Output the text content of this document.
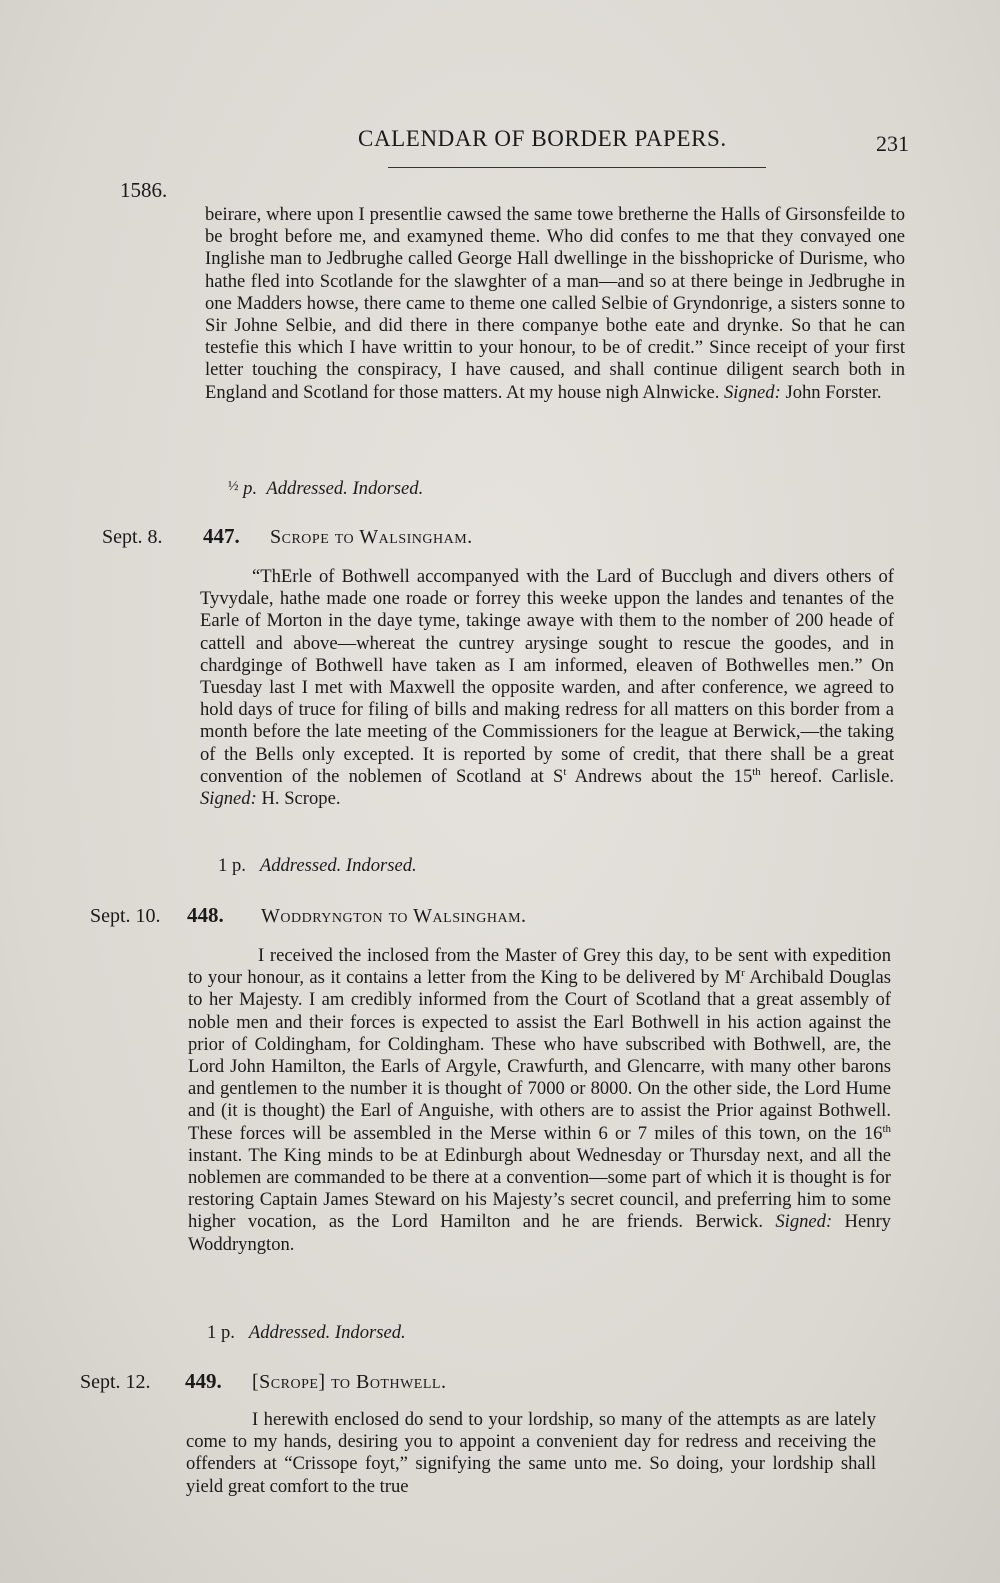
CALENDAR OF BORDER PAPERS.	231
1586.

beirare, where upon I presentlie cawsed the same towe bretherne the Halls of Girsonsfeilde to be broght before me, and examyned theme. Who did confes to me that they convayed one Inglishe man to Jedbrughe called George Hall dwellinge in the bisshopricke of Durisme, who hathe fled into Scotlande for the slawghter of a man—and so at there beinge in Jedbrughe in one Madders howse, there came to theme one called Selbie of Gryndonrige, a sisters sonne to Sir Johne Selbie, and did there in there companye bothe eate and drynke. So that he can testefie this which I have writtin to your honour, to be of credit.” Since receipt of your first letter touching the conspiracy, I have caused, and shall continue diligent search both in England and Scotland for those matters. At my house nigh Alnwicke. Signed: John Forster.

$^{\frac{1}{2}}$ p. Addressed. Indorsed.
Sept. 8. 447. Scrope to Walsingham.

“ThErle of Bothwell accompanyed with the Lard of Bucclugh and divers others of Tyvydale, hathe made one roade or forrey this weeke uppon the landes and tenantes of the Earle of Morton in the daye tyme, takinge awaye with them to the nomber of 200 heade of cattell and above—whereat the cuntrey arysinge sought to rescue the goodes, and in chardginge of Bothwell have taken as I am informed, eleaven of Bothwelles men.” On Tuesday last I met with Maxwell the opposite warden, and after conference, we agreed to hold days of truce for filing of bills and making redress for all matters on this border from a month before the late meeting of the Commissioners for the league at Berwick,—the taking of the Bells only excepted. It is reported by some of credit, that there shall be a great convention of the noblemen of Scotland at $S^t$ Andrews about the 15th hereof. Carlisle. Signed: H. Scrope.

1 p. Addressed. Indorsed.
Sept. 10. 448. Woddryngton to Walsingham.

I received the inclosed from the Master of Grey this day, to be sent with expedition to your honour, as it contains a letter from the King to be delivered by $M^r$ Archibald Douglas to her Majesty. I am credibly informed from the Court of Scotland that a great assembly of noble men and their forces is expected to assist the Earl Bothwell in his action against the prior of Coldingham, for Coldingham. These who have subscribed with Bothwell, are, the Lord John Hamilton, the Earls of Argyle, Crawfurth, and Glencarre, with many other barons and gentlemen to the number it is thought of 7000 or 8000. On the other side, the Lord Hume and (it is thought) the Earl of Anguishe, with others are to assist the Prior against Bothwell. These forces will be assembled in the Merse within 6 or 7 miles of this town, on the 16th instant. The King minds to be at Edinburgh about Wednesday or Thursday next, and all the noblemen are commanded to be there at a convention—some part of which it is thought is for restoring Captain James Steward on his Majesty’s secret council, and preferring him to some higher vocation, as the Lord Hamilton and he are friends. Berwick. Signed: Henry Woddryngton.

1 p. Addressed. Indorsed.
Sept. 12. 449. [Scrope] to Bothwell.

I herewith enclosed do send to your lordship, so many of the attempts as are lately come to my hands, desiring you to appoint a convenient day for redress and receiving the offenders at “Crissope foyt,” signifying the same unto me. So doing, your lordship shall yield great comfort to the true
